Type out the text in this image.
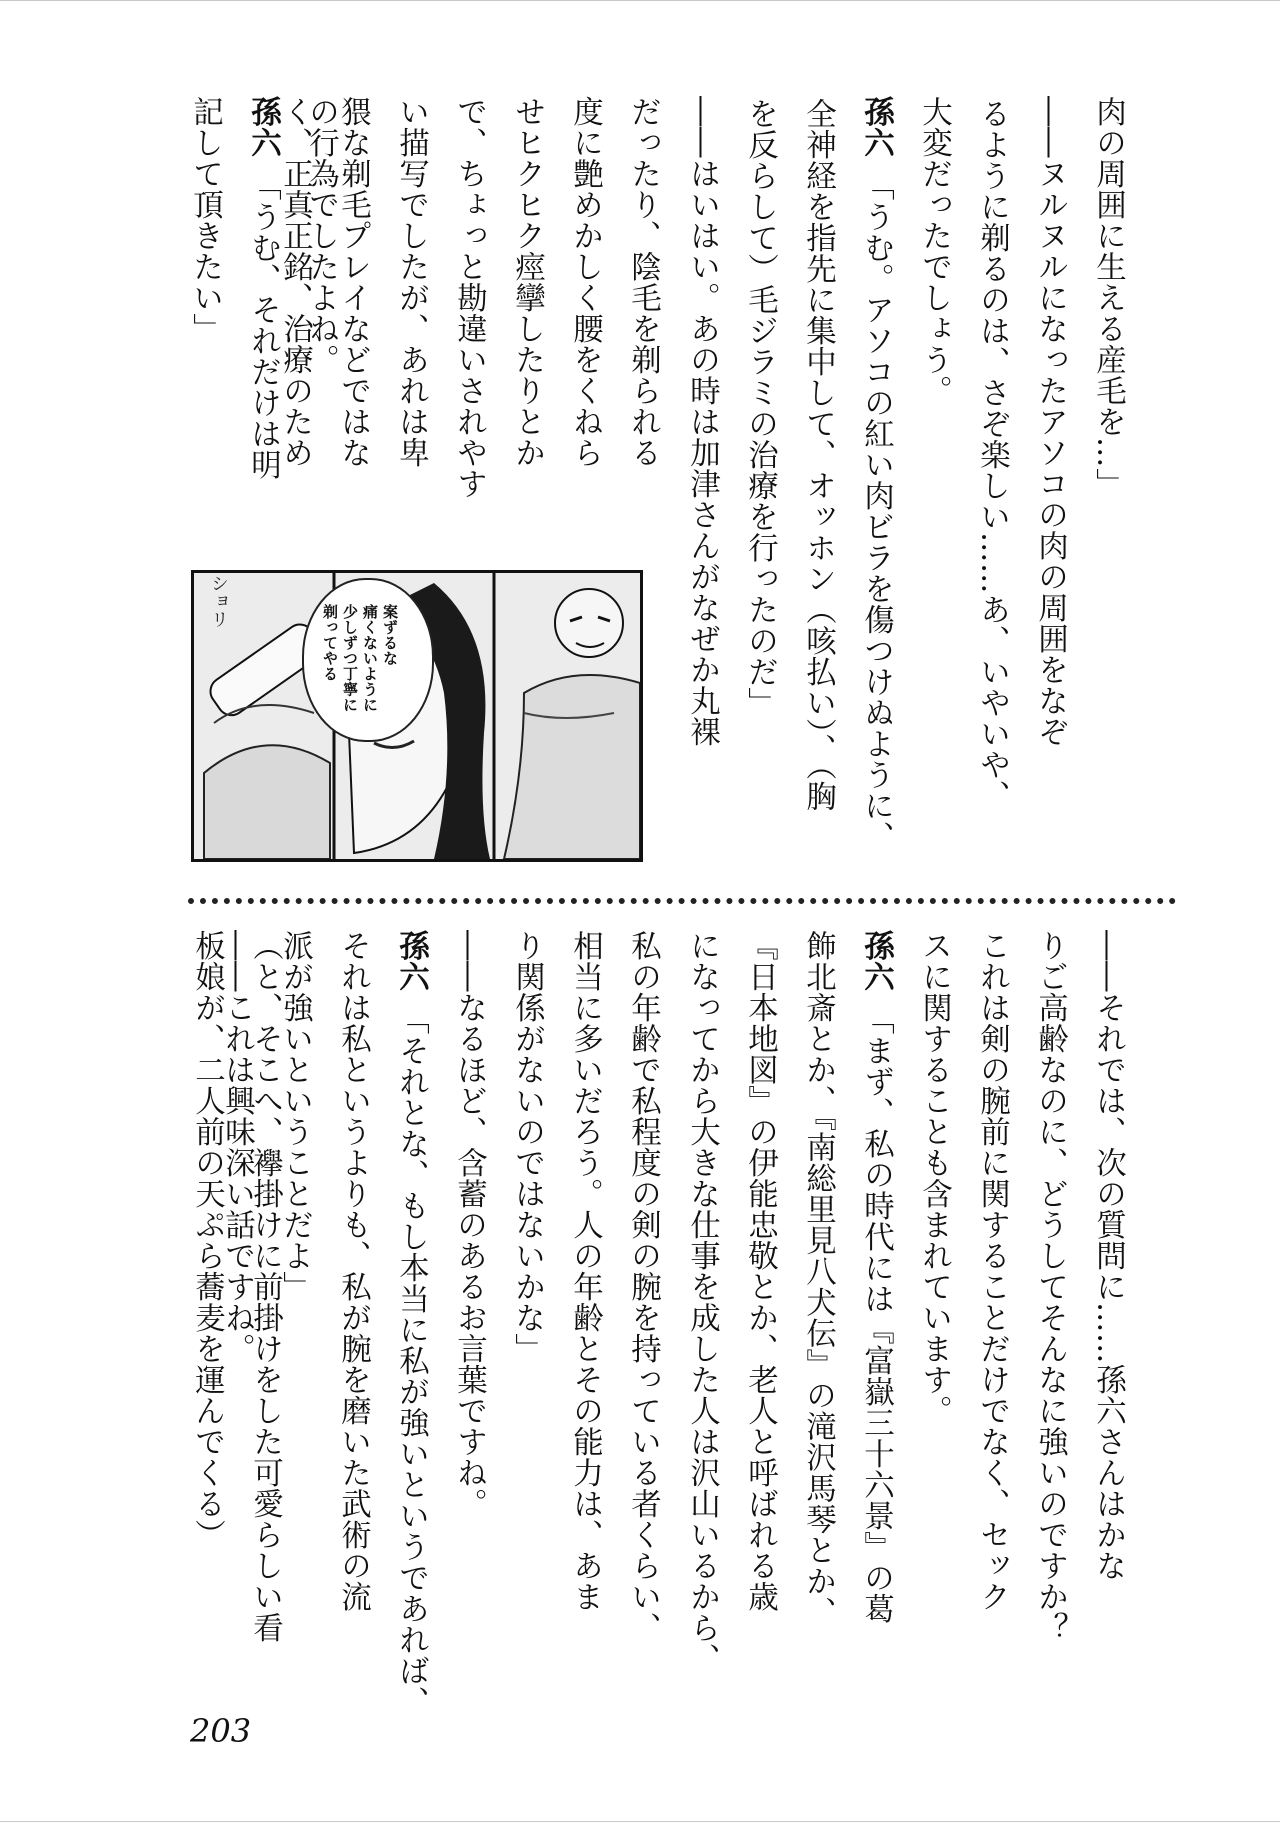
肉の周囲に生える産毛を…」
――ヌルヌルになったアソコの肉の周囲をなぞ
るように剃るのは、さぞ楽しい……あ、いやいや、
大変だったでしょう。
孫六「うむ。アソコの紅い肉ビラを傷つけぬように、
全神経を指先に集中して、オッホン（咳払い）、（胸
を反らして）毛ジラミの治療を行ったのだ」
――はいはい。あの時は加津さんがなぜか丸裸
だったり、陰毛を剃られる
度に艶めかしく腰をくねら
せヒクヒク痙攣したりとか
で、ちょっと勘違いされやす
い描写でしたが、あれは卑
猥な剃毛プレイなどではな
く、正真正銘、治療のため
の行為でしたよね。
孫六「うむ、それだけは明
記して頂きたい」
案ずるな
痛くないように
少しずつ丁寧に
剃ってやる
ショリ
――それでは、次の質問に……孫六さんはかな
りご高齢なのに、どうしてそんなに強いのですか？
これは剣の腕前に関することだけでなく、セック
スに関することも含まれています。
孫六「まず、私の時代には『富嶽三十六景』の葛
飾北斎とか、『南総里見八犬伝』の滝沢馬琴とか、
『日本地図』の伊能忠敬とか、老人と呼ばれる歳
になってから大きな仕事を成した人は沢山いるから、
私の年齢で私程度の剣の腕を持っている者くらい、
相当に多いだろう。人の年齢とその能力は、あま
り関係がないのではないかな」
――なるほど、含蓄のあるお言葉ですね。
孫六「それとな、もし本当に私が強いというであれば、
それは私というよりも、私が腕を磨いた武術の流
派が強いということだよ」
――これは興味深い話ですね。
（と、そこへ、襷掛けに前掛けをした可愛らしい看
板娘が、二人前の天ぷら蕎麦を運んでくる）
203
